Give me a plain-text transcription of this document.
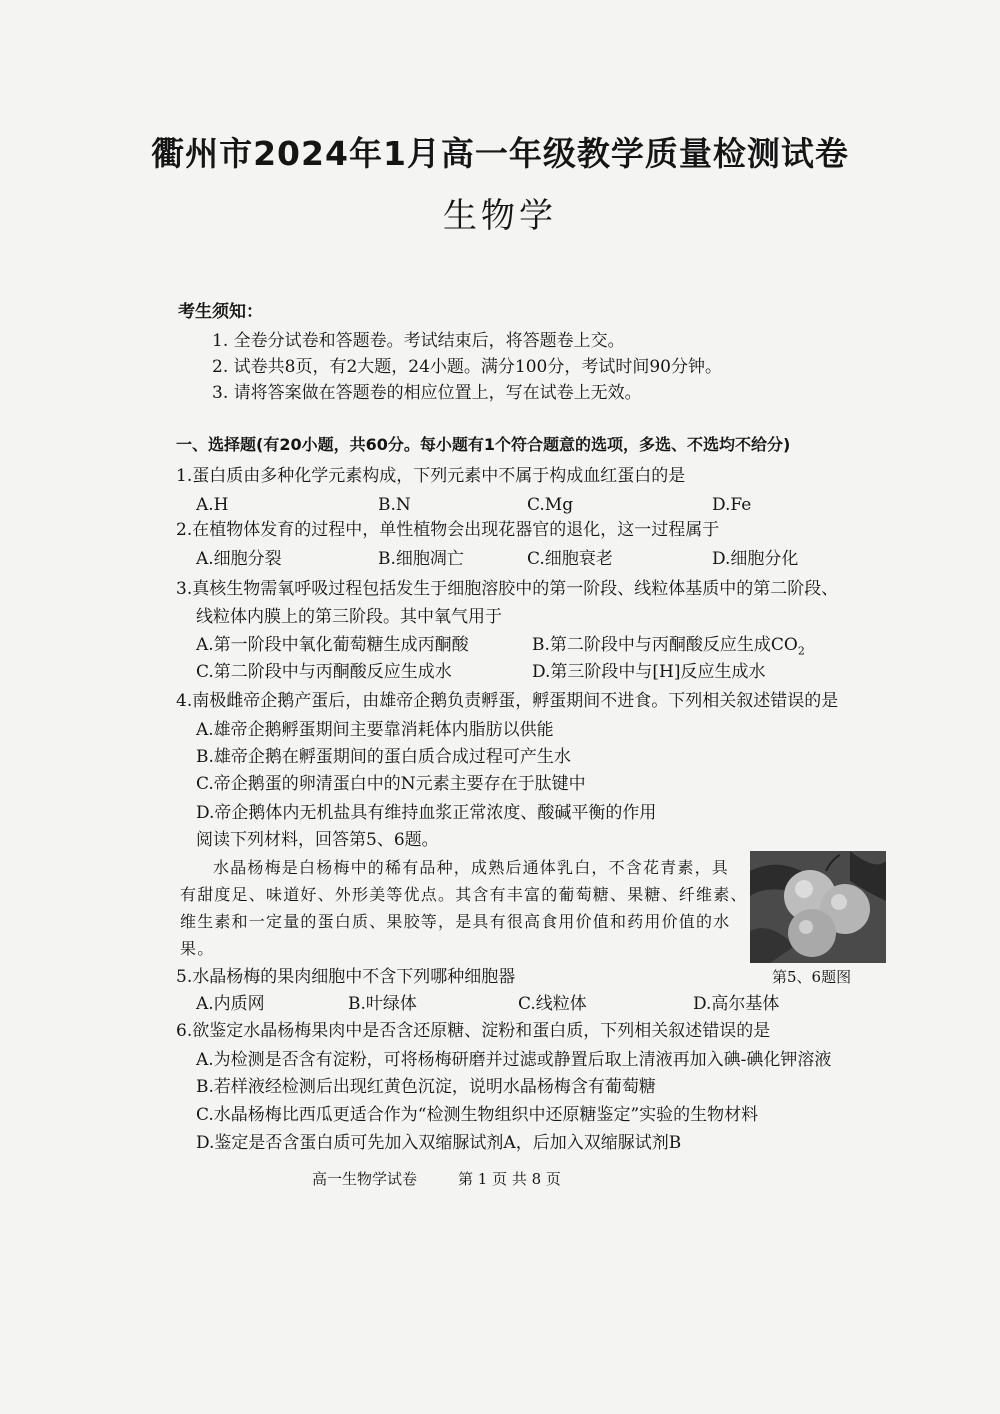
衢州市2024年1月高一年级教学质量检测试卷
生物学
考生须知：
1. 全卷分试卷和答题卷。考试结束后，将答题卷上交。
2. 试卷共8页，有2大题，24小题。满分100分，考试时间90分钟。
3. 请将答案做在答题卷的相应位置上，写在试卷上无效。
一、选择题(有20小题，共60分。每小题有1个符合题意的选项，多选、不选均不给分)
1.蛋白质由多种化学元素构成，下列元素中不属于构成血红蛋白的是
A.H	B.N	C.Mg	D.Fe
2.在植物体发育的过程中，单性植物会出现花器官的退化，这一过程属于
A.细胞分裂	B.细胞凋亡	C.细胞衰老	D.细胞分化
3.真核生物需氧呼吸过程包括发生于细胞溶胶中的第一阶段、线粒体基质中的第二阶段、
线粒体内膜上的第三阶段。其中氧气用于
A.第一阶段中氧化葡萄糖生成丙酮酸	B.第二阶段中与丙酮酸反应生成$CO_2$
C.第二阶段中与丙酮酸反应生成水	D.第三阶段中与[H]反应生成水
4.南极雌帝企鹅产蛋后，由雄帝企鹅负责孵蛋，孵蛋期间不进食。下列相关叙述错误的是
A.雄帝企鹅孵蛋期间主要靠消耗体内脂肪以供能
B.雄帝企鹅在孵蛋期间的蛋白质合成过程可产生水
C.帝企鹅蛋的卵清蛋白中的N元素主要存在于肽键中
D.帝企鹅体内无机盐具有维持血浆正常浓度、酸碱平衡的作用
阅读下列材料，回答第5、6题。
水晶杨梅是白杨梅中的稀有品种，成熟后通体乳白，不含花青素，具
有甜度足、味道好、外形美等优点。其含有丰富的葡萄糖、果糖、纤维素、
维生素和一定量的蛋白质、果胶等，是具有很高食用价值和药用价值的水
果。
第5、6题图
5.水晶杨梅的果肉细胞中不含下列哪种细胞器
A.内质网	B.叶绿体	C.线粒体	D.高尔基体
6.欲鉴定水晶杨梅果肉中是否含还原糖、淀粉和蛋白质，下列相关叙述错误的是
A.为检测是否含有淀粉，可将杨梅研磨并过滤或静置后取上清液再加入碘-碘化钾溶液
B.若样液经检测后出现红黄色沉淀，说明水晶杨梅含有葡萄糖
C.水晶杨梅比西瓜更适合作为“检测生物组织中还原糖鉴定”实验的生物材料
D.鉴定是否含蛋白质可先加入双缩脲试剂A，后加入双缩脲试剂B
高一生物学试卷	第 1 页 共 8 页
